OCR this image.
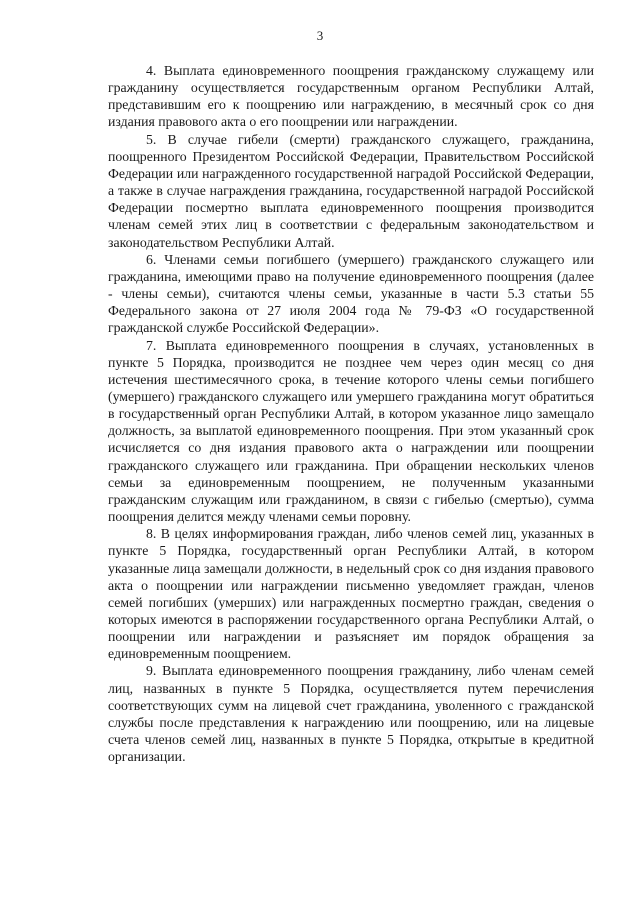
3

4. Выплата единовременного поощрения гражданскому служащему или гражданину осуществляется государственным органом Республики Алтай, представившим его к поощрению или награждению, в месячный срок со дня издания правового акта о его поощрении или награждении.

5. В случае гибели (смерти) гражданского служащего, гражданина, поощренного Президентом Российской Федерации, Правительством Российской Федерации или награжденного государственной наградой Российской Федерации, а также в случае награждения гражданина, государственной наградой Российской Федерации посмертно выплата единовременного поощрения производится членам семей этих лиц в соответствии с федеральным законодательством и законодательством Республики Алтай.

6. Членами семьи погибшего (умершего) гражданского служащего или гражданина, имеющими право на получение единовременного поощрения (далее - члены семьи), считаются члены семьи, указанные в части 5.3 статьи 55 Федерального закона от 27 июля 2004 года № 79-ФЗ «О государственной гражданской службе Российской Федерации».

7. Выплата единовременного поощрения в случаях, установленных в пункте 5 Порядка, производится не позднее чем через один месяц со дня истечения шестимесячного срока, в течение которого члены семьи погибшего (умершего) гражданского служащего или умершего гражданина могут обратиться в государственный орган Республики Алтай, в котором указанное лицо замещало должность, за выплатой единовременного поощрения. При этом указанный срок исчисляется со дня издания правового акта о награждении или поощрении гражданского служащего или гражданина. При обращении нескольких членов семьи за единовременным поощрением, не полученным указанными гражданским служащим или гражданином, в связи с гибелью (смертью), сумма поощрения делится между членами семьи поровну.

8. В целях информирования граждан, либо членов семей лиц, указанных в пункте 5 Порядка, государственный орган Республики Алтай, в котором указанные лица замещали должности, в недельный срок со дня издания правового акта о поощрении или награждении письменно уведомляет граждан, членов семей погибших (умерших) или награжденных посмертно граждан, сведения о которых имеются в распоряжении государственного органа Республики Алтай, о поощрении или награждении и разъясняет им порядок обращения за единовременным поощрением.

9. Выплата единовременного поощрения гражданину, либо членам семей лиц, названных в пункте 5 Порядка, осуществляется путем перечисления соответствующих сумм на лицевой счет гражданина, уволенного с гражданской службы после представления к награждению или поощрению, или на лицевые счета членов семей лиц, названных в пункте 5 Порядка, открытые в кредитной организации.
